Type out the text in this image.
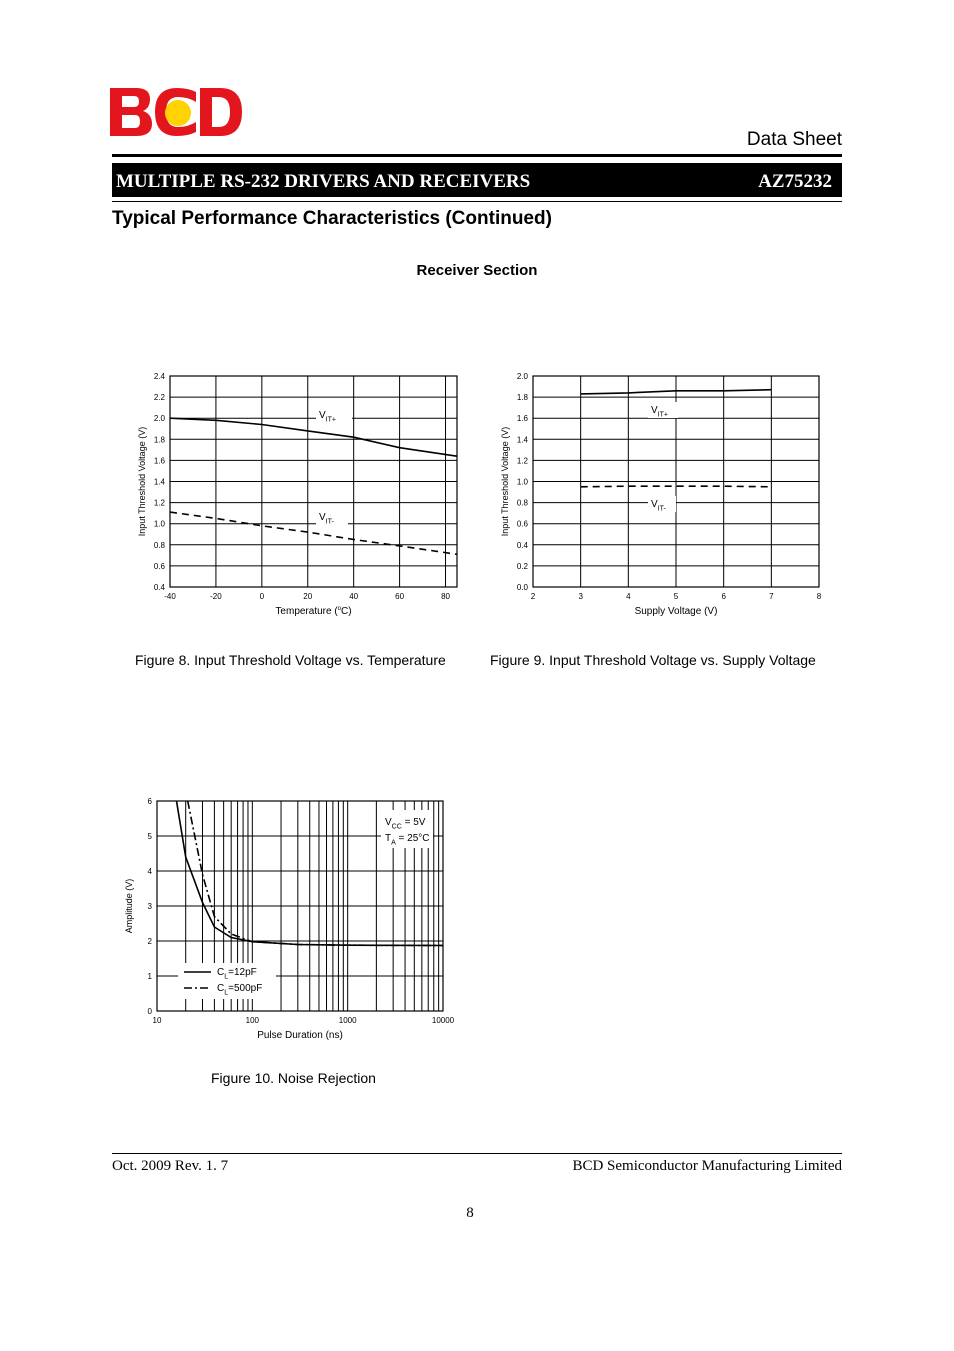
Data Sheet
MULTIPLE RS-232 DRIVERS AND RECEIVERS	AZ75232
Typical Performance Characteristics (Continued)
Receiver Section
0.4
0.6
0.8
1.0
1.2
1.4
1.6
1.8
2.0
2.2
2.4
-40	-20	0	20	40	60	80
Temperature ($^o$C)
Input Threshold Voltage (V)
$V_{IT+}$
$V_{IT-}$
0.0
0.2
0.4
0.6
0.8
1.0
1.2
1.4
1.6
1.8
2.0
2	3	4	5	6	7	8
Supply Voltage (V)
Input Threshold Voltage (V)
$V_{IT+}$
$V_{IT-}$
0
1
2
3
4
5
6
10	100	1000	10000
Pulse Duration (ns)
Amplitude (V)
$V_{CC} = 5V$
$T_A = 25^\circ C$
$C_L=12pF$
$C_L=500pF$
Figure 8. Input Threshold Voltage vs. Temperature	Figure 9. Input Threshold Voltage vs. Supply Voltage
Figure 10. Noise Rejection
Oct. 2009 Rev. 1. 7	BCD Semiconductor Manufacturing Limited
8
